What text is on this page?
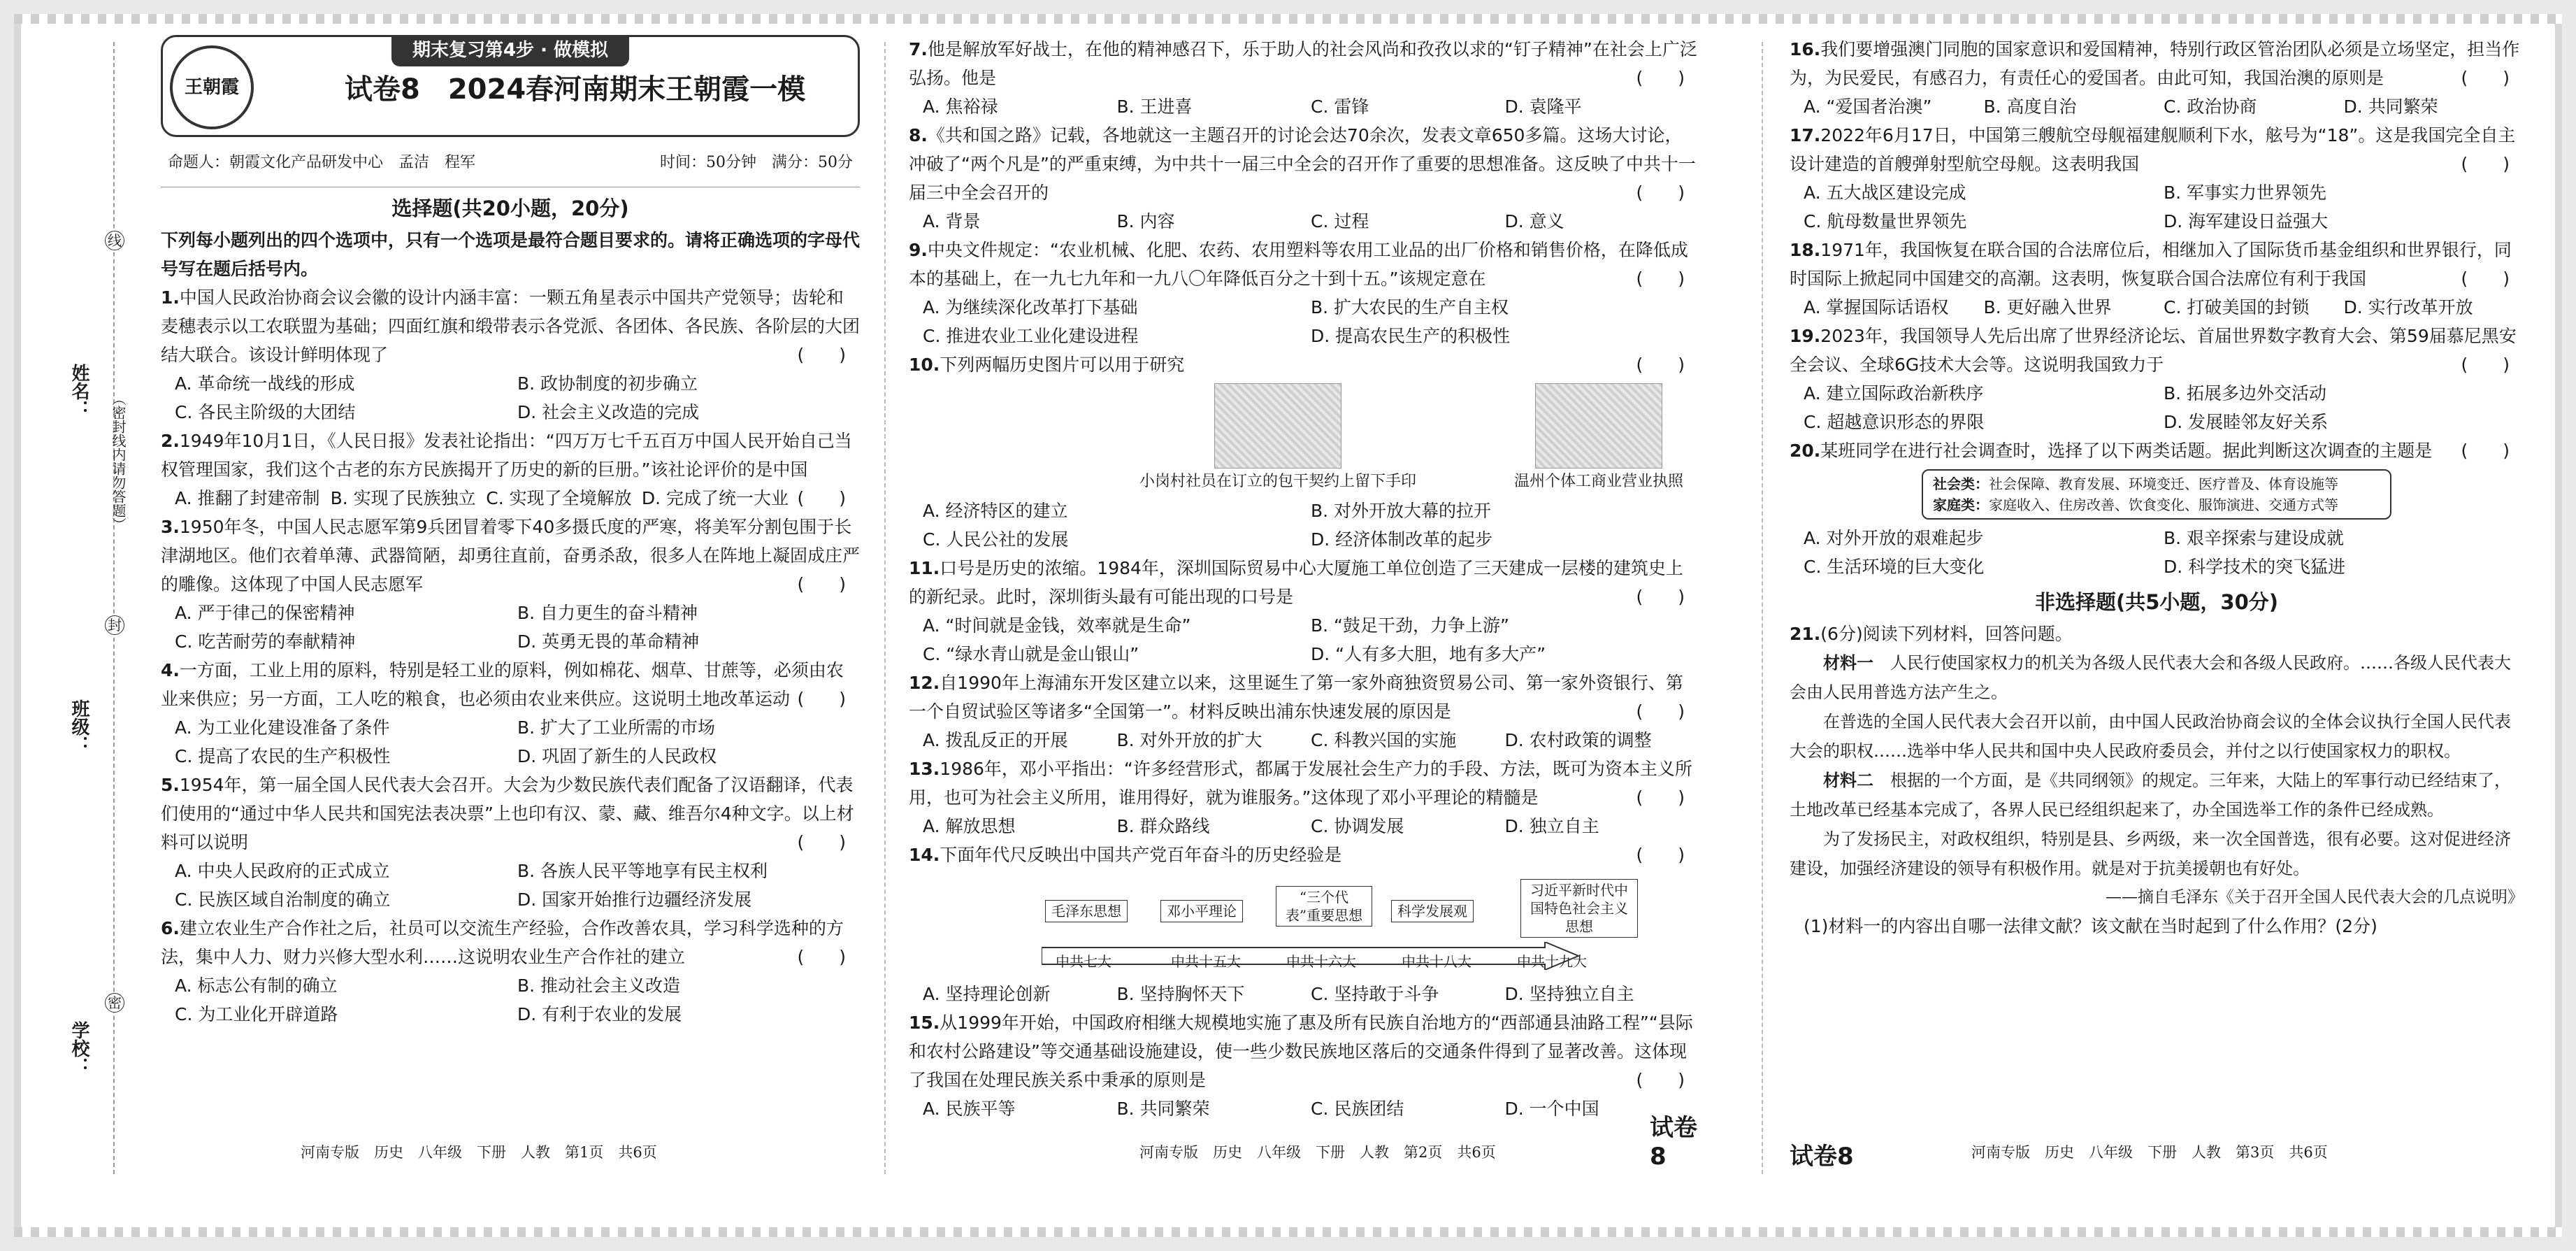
姓名：
班级：
学校：
（密封线内请勿答题）
线
封
密
期末复习第4步 · 做模拟
王朝霞	试卷8　2024春河南期末王朝霞一模
命题人：朝霞文化产品研发中心　孟洁　程军	时间：50分钟　满分：50分
选择题(共20小题，20分)
下列每小题列出的四个选项中，只有一个选项是最符合题目要求的。请将正确选项的字母代号写在题后括号内。
1.中国人民政治协商会议会徽的设计内涵丰富：一颗五角星表示中国共产党领导；齿轮和麦穗表示以工农联盟为基础；四面红旗和缎带表示各党派、各团体、各民族、各阶层的大团结大联合。该设计鲜明体现了	(　　)
A. 革命统一战线的形成	B. 政协制度的初步确立
C. 各民主阶级的大团结	D. 社会主义改造的完成
2.1949年10月1日，《人民日报》发表社论指出：“四万万七千五百万中国人民开始自己当权管理国家，我们这个古老的东方民族揭开了历史的新的巨册。”该社论评价的是中国
(　　)
A. 推翻了封建帝制 B. 实现了民族独立 C. 实现了全境解放 D. 完成了统一大业
3.1950年冬，中国人民志愿军第9兵团冒着零下40多摄氏度的严寒，将美军分割包围于长津湖地区。他们衣着单薄、武器简陋，却勇往直前，奋勇杀敌，很多人在阵地上凝固成庄严的雕像。这体现了中国人民志愿军	(　　)
A. 严于律己的保密精神	B. 自力更生的奋斗精神
C. 吃苦耐劳的奉献精神	D. 英勇无畏的革命精神
4.一方面，工业上用的原料，特别是轻工业的原料，例如棉花、烟草、甘蔗等，必须由农业来供应；另一方面，工人吃的粮食，也必须由农业来供应。这说明土地改革运动 (　　)
A. 为工业化建设准备了条件	B. 扩大了工业所需的市场
C. 提高了农民的生产积极性	D. 巩固了新生的人民政权
5.1954年，第一届全国人民代表大会召开。大会为少数民族代表们配备了汉语翻译，代表们使用的“通过中华人民共和国宪法表决票”上也印有汉、蒙、藏、维吾尔4种文字。以上材料可以说明	(　　)
A. 中央人民政府的正式成立	B. 各族人民平等地享有民主权利
C. 民族区域自治制度的确立	D. 国家开始推行边疆经济发展
6.建立农业生产合作社之后，社员可以交流生产经验，合作改善农具，学习科学选种的方法，集中人力、财力兴修大型水利……这说明农业生产合作社的建立	(　　)
A. 标志公有制的确立	B. 推动社会主义改造
C. 为工业化开辟道路	D. 有利于农业的发展
河南专版　历史　八年级　下册　人教　第1页　共6页
7.他是解放军好战士，在他的精神感召下，乐于助人的社会风尚和孜孜以求的“钉子精神”在社会上广泛弘扬。他是	(　　)
A. 焦裕禄	B. 王进喜	C. 雷锋	D. 袁隆平
8.《共和国之路》记载，各地就这一主题召开的讨论会达70余次，发表文章650多篇。这场大讨论，冲破了“两个凡是”的严重束缚，为中共十一届三中全会的召开作了重要的思想准备。这反映了中共十一届三中全会召开的	(　　)
A. 背景	B. 内容	C. 过程	D. 意义
9.中央文件规定：“农业机械、化肥、农药、农用塑料等农用工业品的出厂价格和销售价格，在降低成本的基础上，在一九七九年和一九八〇年降低百分之十到十五。”该规定意在	(　　)
A. 为继续深化改革打下基础	B. 扩大农民的生产自主权
C. 推进农业工业化建设进程	D. 提高农民生产的积极性
10.下列两幅历史图片可以用于研究	(　　)
小岗村社员在订立的包干契约上留下手印	温州个体工商业营业执照
A. 经济特区的建立	B. 对外开放大幕的拉开
C. 人民公社的发展	D. 经济体制改革的起步
11.口号是历史的浓缩。1984年，深圳国际贸易中心大厦施工单位创造了三天建成一层楼的建筑史上的新纪录。此时，深圳街头最有可能出现的口号是	(　　)
A. “时间就是金钱，效率就是生命”	B. “鼓足干劲，力争上游”
C. “绿水青山就是金山银山”	D. “人有多大胆，地有多大产”
12.自1990年上海浦东开发区建立以来，这里诞生了第一家外商独资贸易公司、第一家外资银行、第一个自贸试验区等诸多“全国第一”。材料反映出浦东快速发展的原因是	(　　)
A. 拨乱反正的开展	B. 对外开放的扩大	C. 科教兴国的实施	D. 农村政策的调整
13.1986年，邓小平指出：“许多经营形式，都属于发展社会生产力的手段、方法，既可为资本主义所用，也可为社会主义所用，谁用得好，就为谁服务。”这体现了邓小平理论的精髓是	(　　)
A. 解放思想	B. 群众路线	C. 协调发展	D. 独立自主
14.下面年代尺反映出中国共产党百年奋斗的历史经验是	(　　)
毛泽东思想	邓小平理论
“三个代表”重要思想	科学发展观
习近平新时代中国特色社会主义思想
中共七大	中共十五大	中共十六大	中共十八大	中共十九大
A. 坚持理论创新	B. 坚持胸怀天下	C. 坚持敢于斗争	D. 坚持独立自主
15.从1999年开始，中国政府相继大规模地实施了惠及所有民族自治地方的“西部通县油路工程”“县际和农村公路建设”等交通基础设施建设，使一些少数民族地区落后的交通条件得到了显著改善。这体现了我国在处理民族关系中秉承的原则是	(　　)
A. 民族平等	B. 共同繁荣	C. 民族团结	D. 一个中国
河南专版　历史　八年级　下册　人教　第2页　共6页
试卷8
16.我们要增强澳门同胞的国家意识和爱国精神，特别行政区管治团队必须是立场坚定，担当作为，为民爱民，有感召力，有责任心的爱国者。由此可知，我国治澳的原则是	(　　)
A. “爱国者治澳”	B. 高度自治	C. 政治协商	D. 共同繁荣
17.2022年6月17日，中国第三艘航空母舰福建舰顺利下水，舷号为“18”。这是我国完全自主设计建造的首艘弹射型航空母舰。这表明我国	(　　)
A. 五大战区建设完成	B. 军事实力世界领先
C. 航母数量世界领先	D. 海军建设日益强大
18.1971年，我国恢复在联合国的合法席位后，相继加入了国际货币基金组织和世界银行，同时国际上掀起同中国建交的高潮。这表明，恢复联合国合法席位有利于我国	(　　)
A. 掌握国际话语权	B. 更好融入世界	C. 打破美国的封锁	D. 实行改革开放
19.2023年，我国领导人先后出席了世界经济论坛、首届世界数字教育大会、第59届慕尼黑安全会议、全球6G技术大会等。这说明我国致力于	(　　)
A. 建立国际政治新秩序	B. 拓展多边外交活动
C. 超越意识形态的界限	D. 发展睦邻友好关系
20.某班同学在进行社会调查时，选择了以下两类话题。据此判断这次调查的主题是 (　　)
社会类：社会保障、教育发展、环境变迁、医疗普及、体育设施等
家庭类：家庭收入、住房改善、饮食变化、服饰演进、交通方式等
A. 对外开放的艰难起步	B. 艰辛探索与建设成就
C. 生活环境的巨大变化	D. 科学技术的突飞猛进
非选择题(共5小题，30分)
21.(6分)阅读下列材料，回答问题。
材料一　人民行使国家权力的机关为各级人民代表大会和各级人民政府。……各级人民代表大会由人民用普选方法产生之。
在普选的全国人民代表大会召开以前，由中国人民政治协商会议的全体会议执行全国人民代表大会的职权……选举中华人民共和国中央人民政府委员会，并付之以行使国家权力的职权。
材料二　根据的一个方面，是《共同纲领》的规定。三年来，大陆上的军事行动已经结束了，土地改革已经基本完成了，各界人民已经组织起来了，办全国选举工作的条件已经成熟。
为了发扬民主，对政权组织，特别是县、乡两级，来一次全国普选，很有必要。这对促进经济建设，加强经济建设的领导有积极作用。就是对于抗美援朝也有好处。
——摘自毛泽东《关于召开全国人民代表大会的几点说明》
(1)材料一的内容出自哪一法律文献？该文献在当时起到了什么作用？(2分)
试卷8	河南专版　历史　八年级　下册　人教　第3页　共6页
